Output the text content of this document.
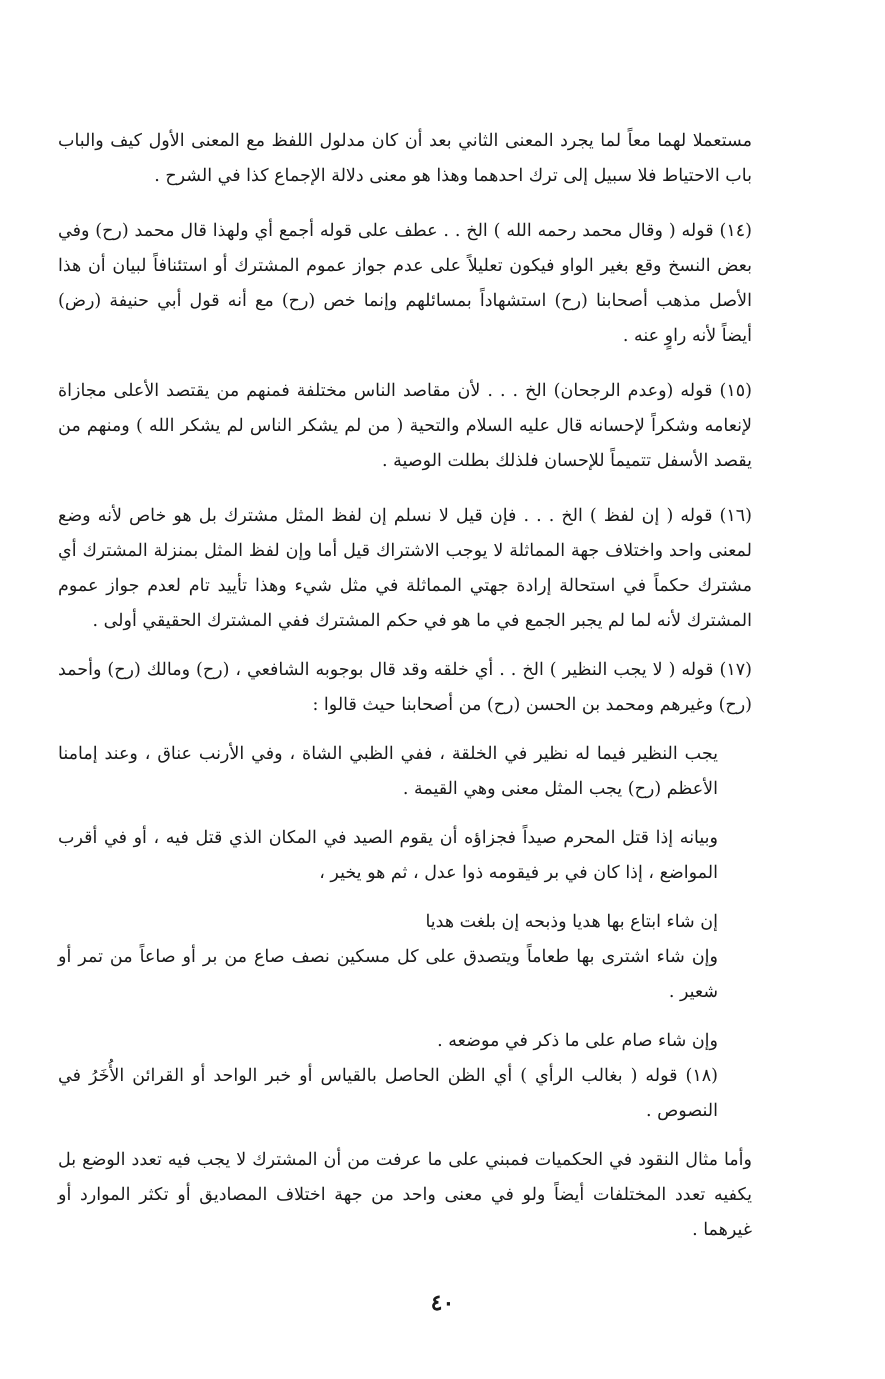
مستعملا لهما معاً لما يجرد المعنى الثاني بعد أن كان مدلول اللفظ مع المعنى الأول كيف والباب باب الاحتياط فلا سبيل إلى ترك احدهما وهذا هو معنى دلالة الإجماع كذا في الشرح .

(١٤) قوله ( وقال محمد رحمه الله ) الخ . . عطف على قوله أجمع أي ولهذا قال محمد (رح) وفي بعض النسخ وقع بغير الواو فيكون تعليلاً على عدم جواز عموم المشترك أو استئنافاً لبيان أن هذا الأصل مذهب أصحابنا (رح) استشهاداً بمسائلهم وإنما خص (رح) مع أنه قول أبي حنيفة (رض) أيضاً لأنه راوٍ عنه .

(١٥) قوله (وعدم الرجحان) الخ . . . لأن مقاصد الناس مختلفة فمنهم من يقتصد الأعلى مجازاة لإنعامه وشكراً لإحسانه قال عليه السلام والتحية ( من لم يشكر الناس لم يشكر الله ) ومنهم من يقصد الأسفل تتميماً للإحسان فلذلك بطلت الوصية .

(١٦) قوله ( إن لفظ ) الخ . . . فإن قيل لا نسلم إن لفظ المثل مشترك بل هو خاص لأنه وضع لمعنى واحد واختلاف جهة المماثلة لا يوجب الاشتراك قيل أما وإن لفظ المثل بمنزلة المشترك أي مشترك حكماً في استحالة إرادة جهتي المماثلة في مثل شيء وهذا تأييد تام لعدم جواز عموم المشترك لأنه لما لم يجبر الجمع في ما هو في حكم المشترك ففي المشترك الحقيقي أولى .

(١٧) قوله ( لا يجب النظير ) الخ . . أي خلقه وقد قال بوجوبه الشافعي ، (رح) ومالك (رح) وأحمد (رح) وغيرهم ومحمد بن الحسن (رح) من أصحابنا حيث قالوا :

يجب النظير فيما له نظير في الخلقة ، ففي الظبي الشاة ، وفي الأرنب عناق ، وعند إمامنا الأعظم (رح) يجب المثل معنى وهي القيمة .

وبيانه إذا قتل المحرم صيداً فجزاؤه أن يقوم الصيد في المكان الذي قتل فيه ، أو في أقرب المواضع ، إذا كان في بر فيقومه ذوا عدل ، ثم هو يخير ،

إن شاء ابتاع بها هديا وذبحه إن بلغت هديا

وإن شاء اشترى بها طعاماً ويتصدق على كل مسكين نصف صاع من بر أو صاعاً من تمر أو شعير .

وإن شاء صام على ما ذكر في موضعه .

(١٨) قوله ( بغالب الرأي ) أي الظن الحاصل بالقياس أو خبر الواحد أو القرائن الأُخَرُ في النصوص .

وأما مثال النقود في الحكميات فمبني على ما عرفت من أن المشترك لا يجب فيه تعدد الوضع بل يكفيه تعدد المختلفات أيضاً ولو في معنى واحد من جهة اختلاف المصاديق أو تكثر الموارد أو غيرهما .

٤٠
